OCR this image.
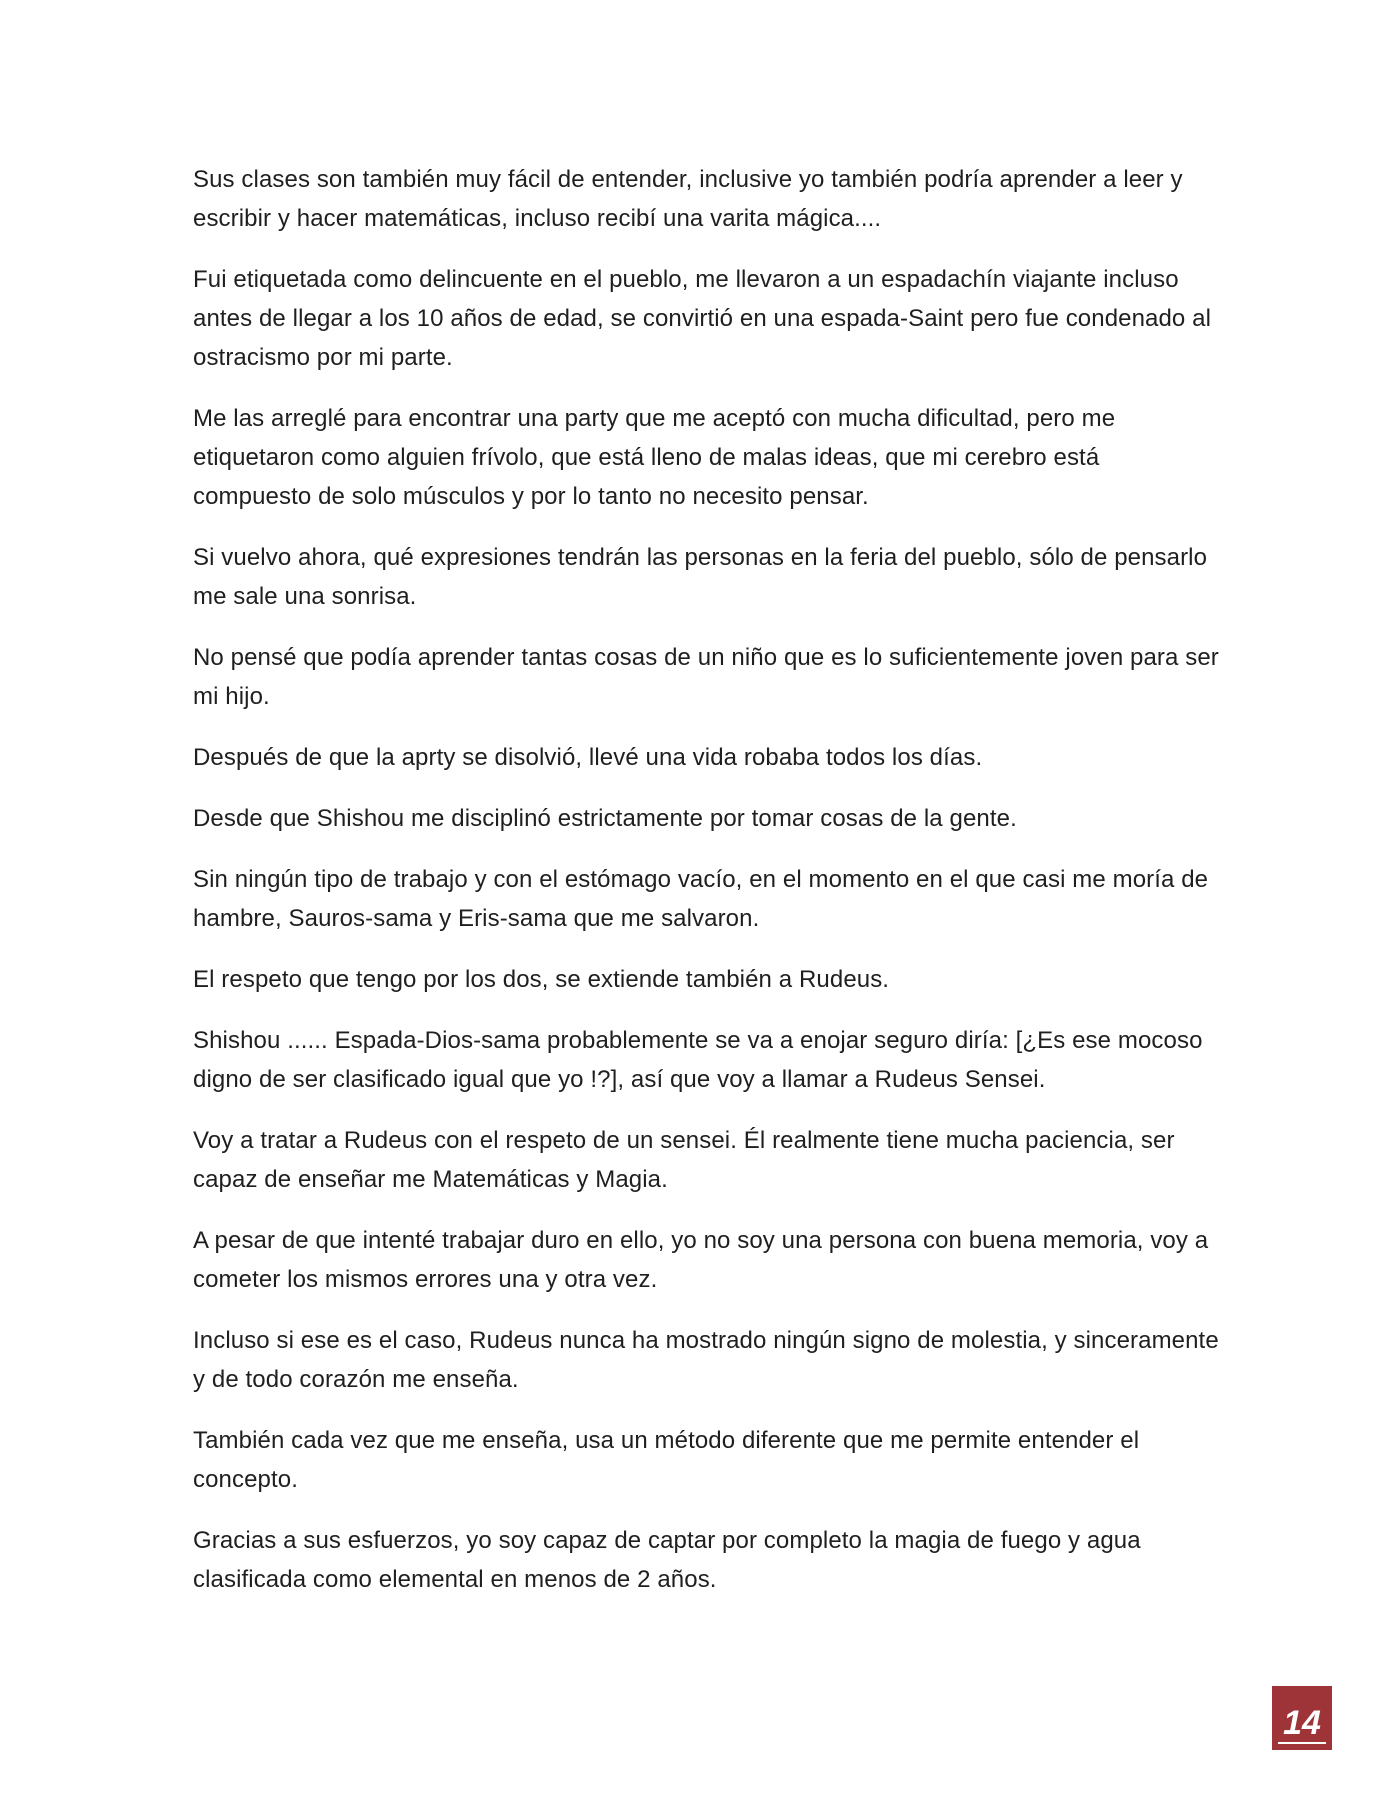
Sus clases son también muy fácil de entender, inclusive yo también podría aprender a leer y escribir y hacer matemáticas, incluso recibí una varita mágica....

Fui etiquetada como delincuente en el pueblo, me llevaron a un espadachín viajante incluso antes de llegar a los 10 años de edad, se convirtió en una espada-Saint pero fue condenado al ostracismo por mi parte.

Me las arreglé para encontrar una party que me aceptó con mucha dificultad, pero me etiquetaron como alguien frívolo, que está lleno de malas ideas, que mi cerebro está compuesto de solo músculos y por lo tanto no necesito pensar.

Si vuelvo ahora, qué expresiones tendrán las personas en la feria del pueblo, sólo de pensarlo me sale una sonrisa.

No pensé que podía aprender tantas cosas de un niño que es lo suficientemente joven para ser mi hijo.

Después de que la aprty se disolvió, llevé una vida robaba todos los días.

Desde que Shishou me disciplinó estrictamente por tomar cosas de la gente.

Sin ningún tipo de trabajo y con el estómago vacío, en el momento en el que casi me moría de hambre, Sauros-sama y Eris-sama que me salvaron.

El respeto que tengo por los dos, se extiende también a Rudeus.

Shishou ...... Espada-Dios-sama probablemente se va a enojar seguro diría: [¿Es ese mocoso digno de ser clasificado igual que yo !?], así que voy a llamar a Rudeus Sensei.

Voy a tratar a Rudeus con el respeto de un sensei. Él realmente tiene mucha paciencia, ser capaz de enseñar me Matemáticas y Magia.

A pesar de que intenté trabajar duro en ello, yo no soy una persona con buena memoria, voy a cometer los mismos errores una y otra vez.

Incluso si ese es el caso, Rudeus nunca ha mostrado ningún signo de molestia, y sinceramente y de todo corazón me enseña.

También cada vez que me enseña, usa un método diferente que me permite entender el concepto.

Gracias a sus esfuerzos, yo soy capaz de captar por completo la magia de fuego y agua clasificada como elemental en menos de 2 años.

14
